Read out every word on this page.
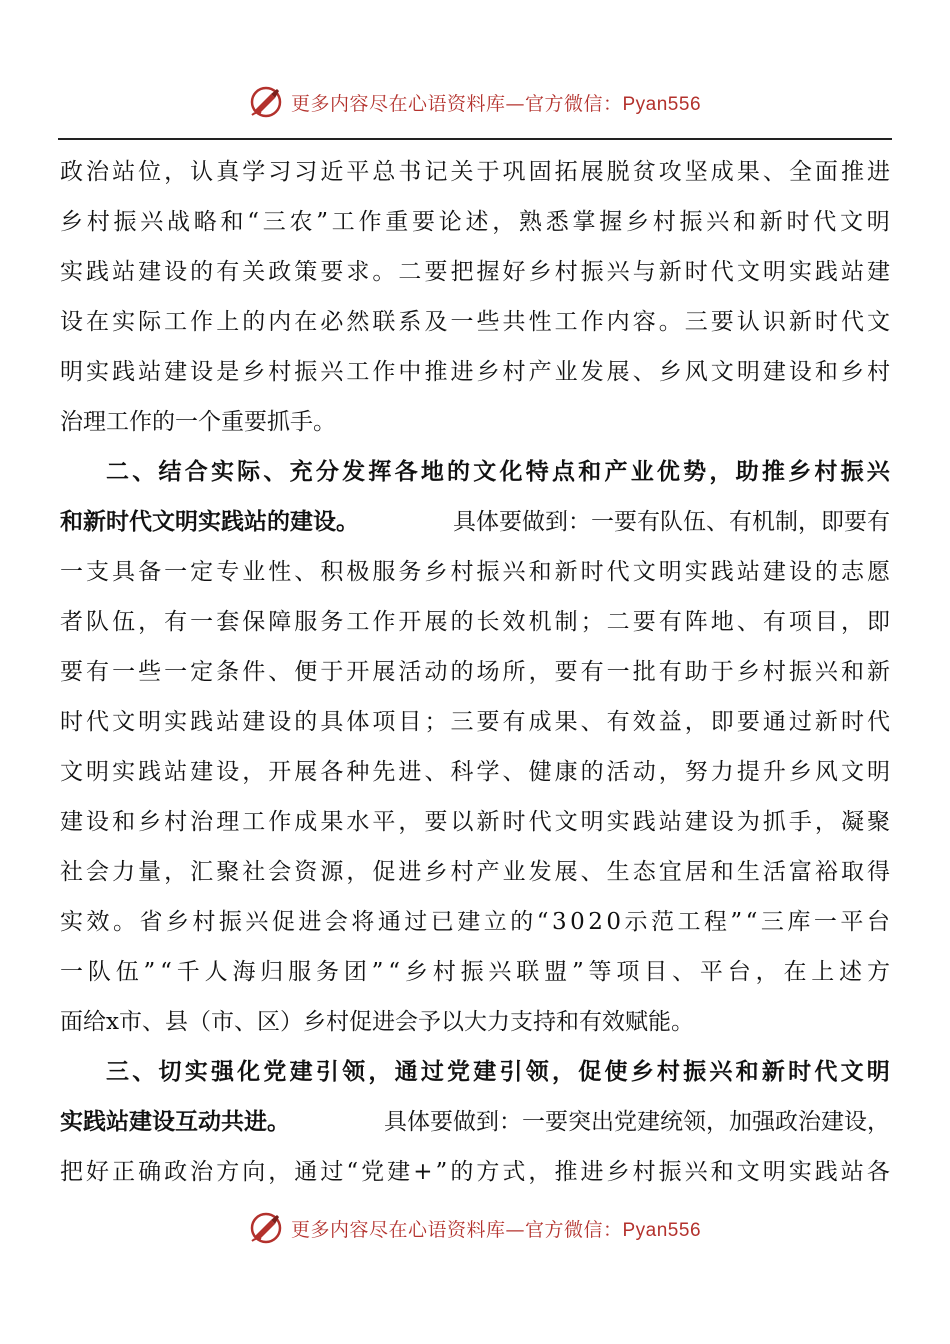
更多内容尽在心语资料库—官方微信：Pyan556
政 治 站 位 ， 认 真 学 习 习 近 平 总 书 记 关 于 巩 固 拓 展 脱 贫 攻 坚 成 果 、 全 面 推 进
乡 村 振 兴 战 略 和 “ 三 农 ” 工 作 重 要 论 述 ， 熟 悉 掌 握 乡 村 振 兴 和 新 时 代 文 明
实 践 站 建 设 的 有 关 政 策 要 求 。 二 要 把 握 好 乡 村 振 兴 与 新 时 代 文 明 实 践 站 建
设 在 实 际 工 作 上 的 内 在 必 然 联 系 及 一 些 共 性 工 作 内 容 。 三 要 认 识 新 时 代 文
明 实 践 站 建 设 是 乡 村 振 兴 工 作 中 推 进 乡 村 产 业 发 展 、 乡 风 文 明 建 设 和 乡 村
治理工作的一个重要抓手。
二 、 结 合 实 际 、 充 分 发 挥 各 地 的 文 化 特 点 和 产 业 优 势 ， 助 推 乡 村 振 兴
和新时代文明实践站的建设。	具体要做到：一要有队伍、有机制，即要有
一 支 具 备 一 定 专 业 性 、 积 极 服 务 乡 村 振 兴 和 新 时 代 文 明 实 践 站 建 设 的 志 愿
者 队 伍 ， 有 一 套 保 障 服 务 工 作 开 展 的 长 效 机 制 ； 二 要 有 阵 地 、 有 项 目 ， 即
要 有 一 些 一 定 条 件 、 便 于 开 展 活 动 的 场 所 ， 要 有 一 批 有 助 于 乡 村 振 兴 和 新
时 代 文 明 实 践 站 建 设 的 具 体 项 目 ； 三 要 有 成 果 、 有 效 益 ， 即 要 通 过 新 时 代
文 明 实 践 站 建 设 ， 开 展 各 种 先 进 、 科 学 、 健 康 的 活 动 ， 努 力 提 升 乡 风 文 明
建 设 和 乡 村 治 理 工 作 成 果 水 平 ， 要 以 新 时 代 文 明 实 践 站 建 设 为 抓 手 ， 凝 聚
社 会 力 量 ， 汇 聚 社 会 资 源 ， 促 进 乡 村 产 业 发 展 、 生 态 宜 居 和 生 活 富 裕 取 得
实 效 。 省 乡 村 振 兴 促 进 会 将 通 过 已 建 立 的 “ 3 0 2 0 示 范 工 程 ” “ 三 库 一 平 台
一 队 伍 ” “ 千 人 海 归 服 务 团 ” “ 乡 村 振 兴 联 盟 ” 等 项 目 、 平 台 ， 在 上 述 方
面给x市、县（市、区）乡村促进会予以大力支持和有效赋能。
三 、 切 实 强 化 党 建 引 领 ， 通 过 党 建 引 领 ， 促 使 乡 村 振 兴 和 新 时 代 文 明
实践站建设互动共进。	具体要做到：一要突出党建统领，加强政治建设，
把 好 正 确 政 治 方 向 ， 通 过 “ 党 建 + ” 的 方 式 ， 推 进 乡 村 振 兴 和 文 明 实 践 站 各
更多内容尽在心语资料库—官方微信：Pyan556
